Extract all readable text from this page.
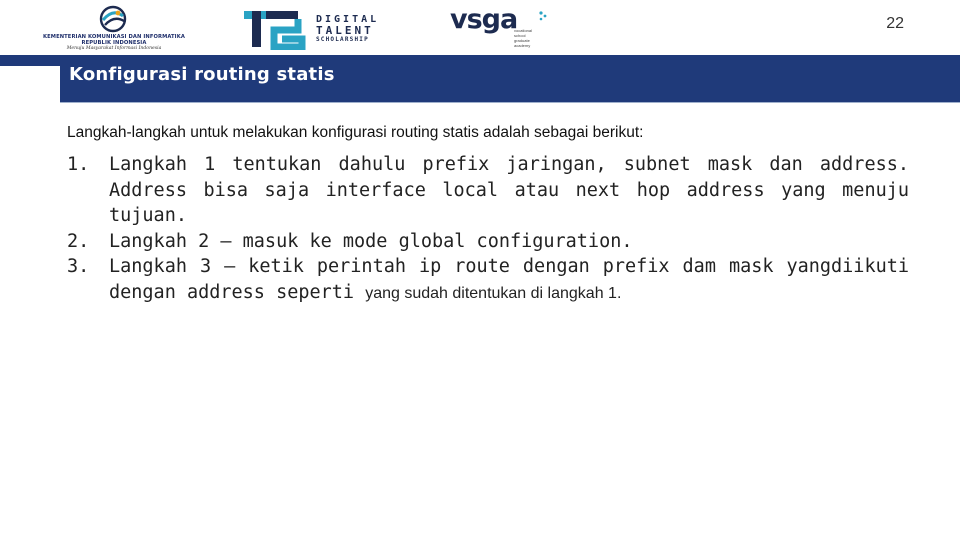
KEMENTERIAN KOMUNIKASI DAN INFORMATIKA
REPUBLIK INDONESIA
Menuju Masyarakat Informasi Indonesia
DIGITAL
TALENT
SCHOLARSHIP
vsga
vocational
school
graduate
academy
22
Konfigurasi routing statis
Langkah-langkah untuk melakukan konfigurasi routing statis adalah sebagai berikut:
1. Langkah 1 tentukan dahulu prefix jaringan, subnet mask dan address. Address bisa saja interface local atau next hop address yang menuju tujuan.
2. Langkah 2 – masuk ke mode global configuration.
3. Langkah 3 – ketik perintah ip route dengan prefix dam mask yangdiikuti dengan address seperti yang sudah ditentukan di langkah 1.
